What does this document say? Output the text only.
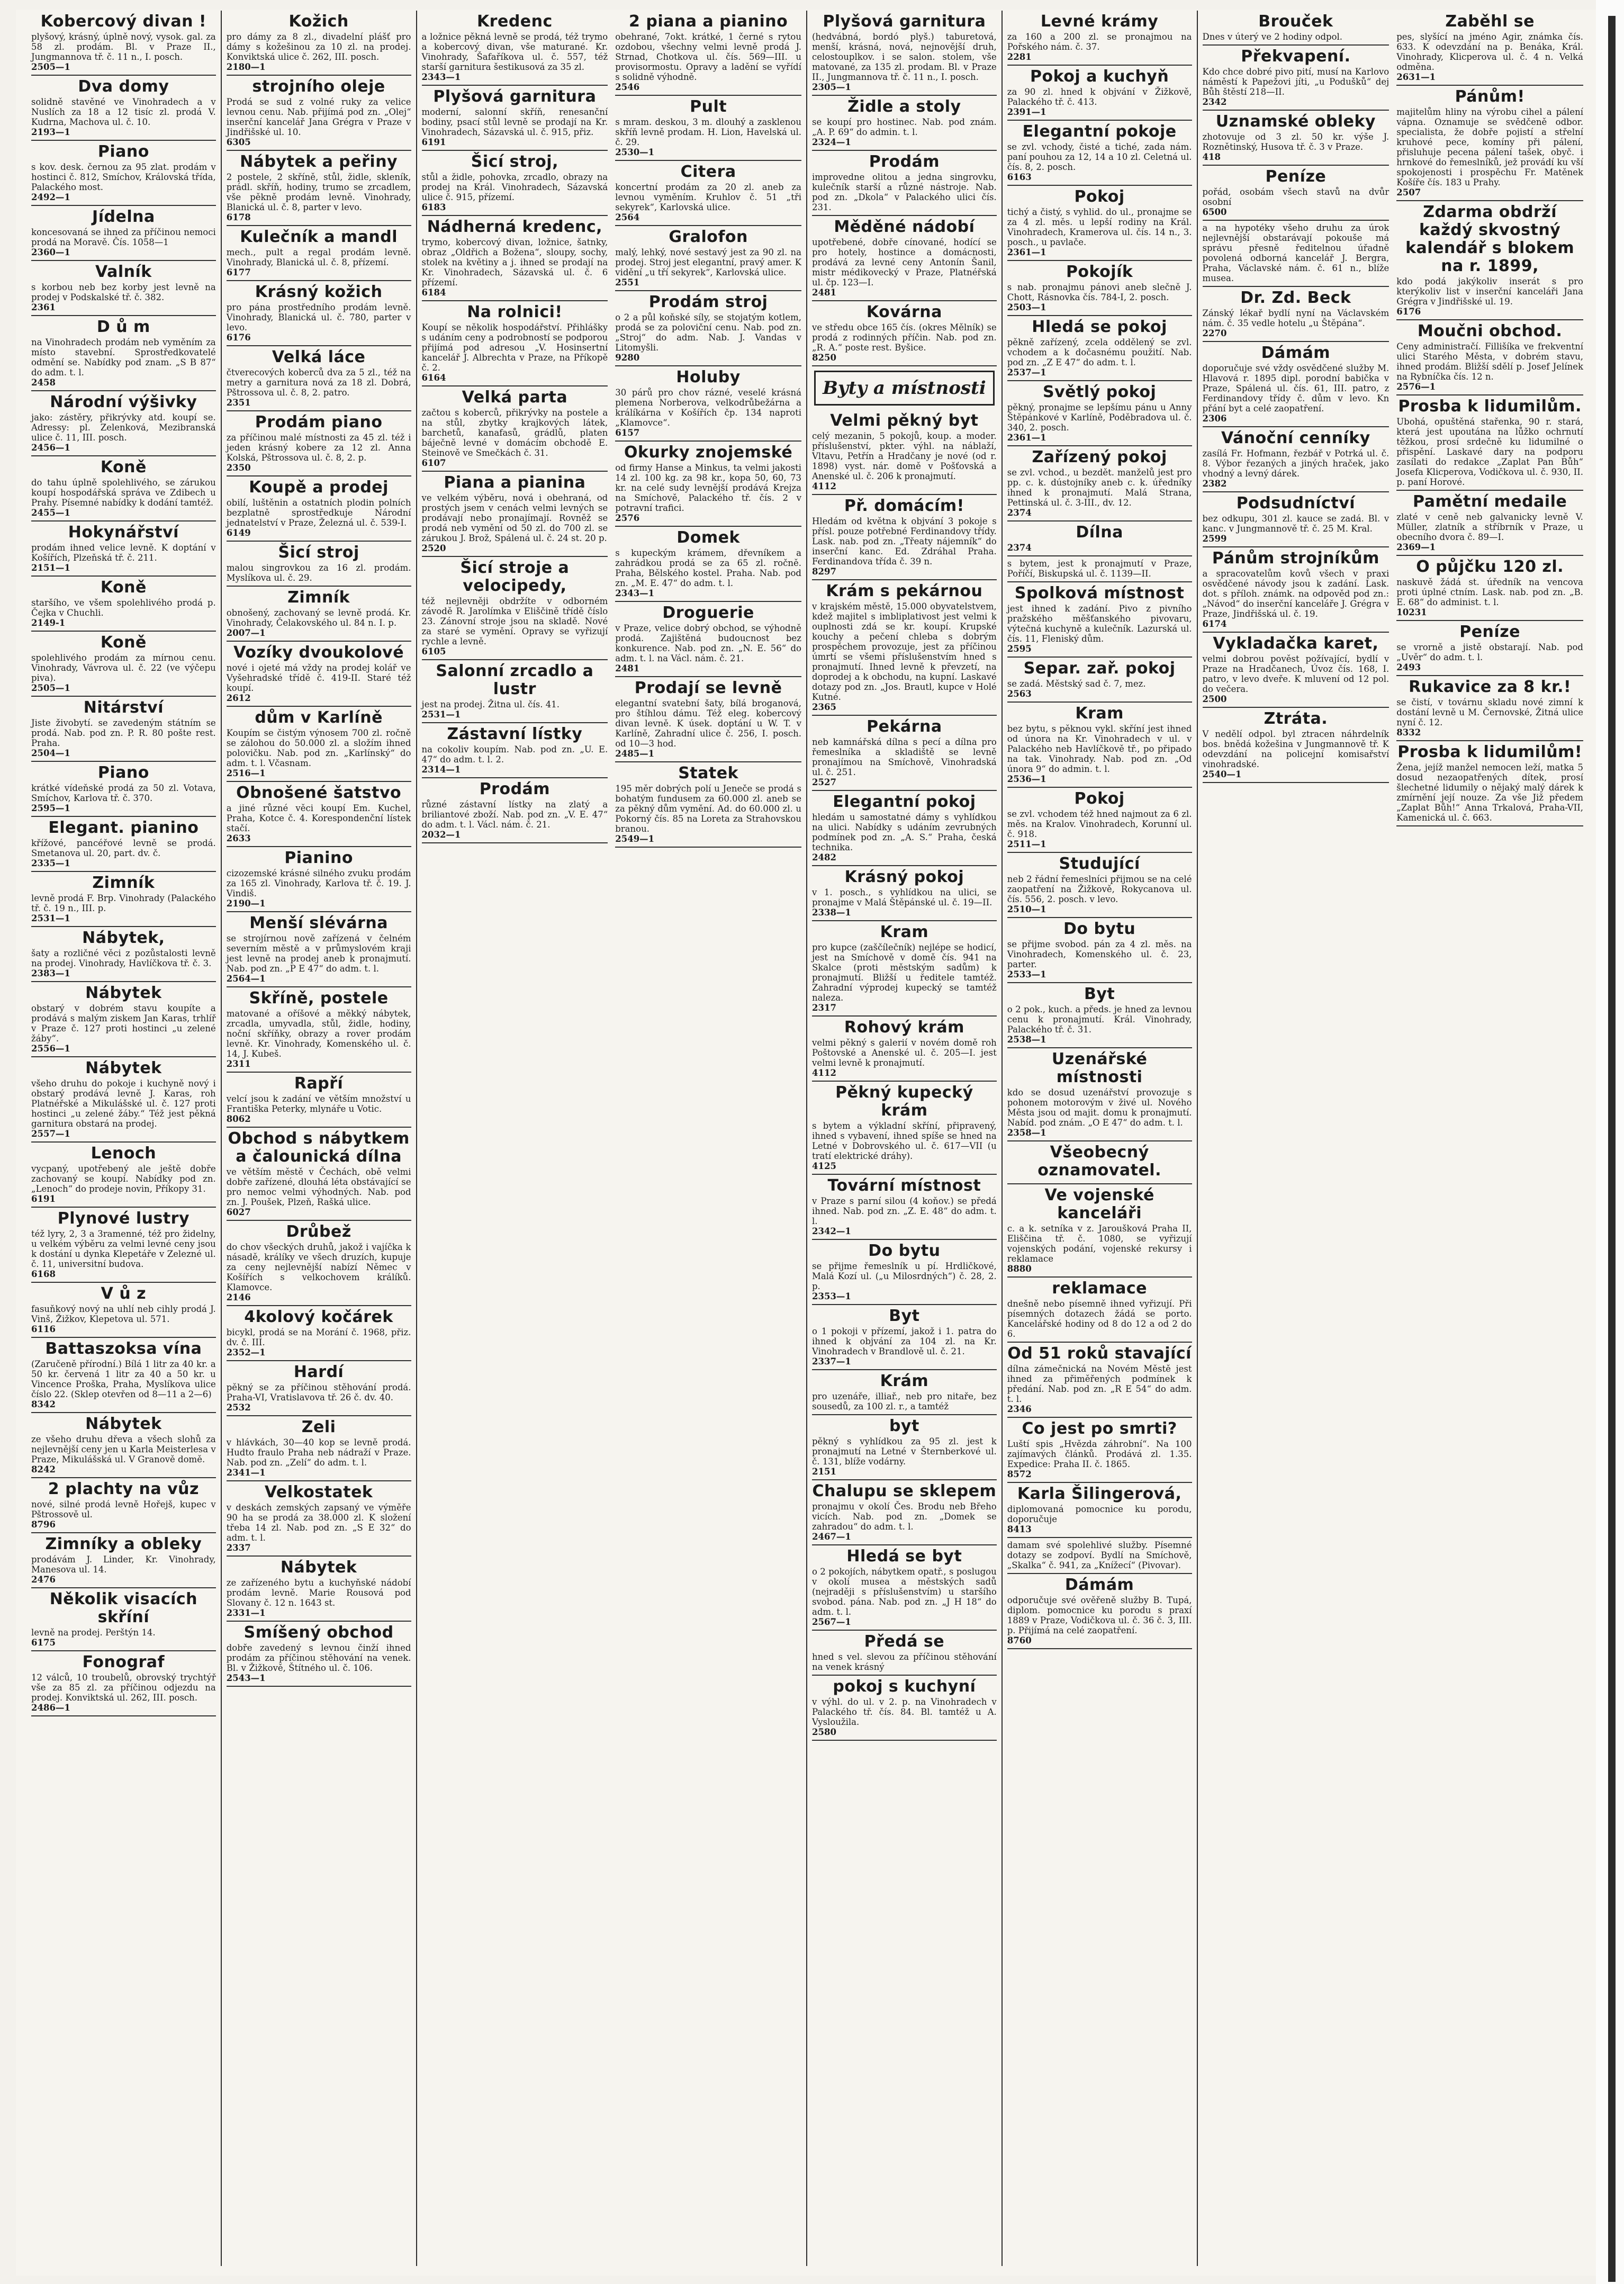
Kobercový divan !
plyšový, krásný, úplně nový, vysok. gal. za 58 zl. prodám. Bl. v Praze II., Jungmannova tř. č. 11 n., I. posch.
2505—1
Dva domy
solidně stavěné ve Vinohradech a v Nuslích za 18 a 12 tisíc zl. prodá V. Kudrna, Machova ul. č. 10.
2193—1
Piano
s kov. desk. černou za 95 zlat. prodám v hostinci č. 812, Smíchov, Královská třída, Palackého most.
2492—1
Jídelna
koncesovaná se ihned za příčinou nemoci prodá na Moravě. Čís. 1058—1
2360—1
Valník
s korbou neb bez korby jest levně na prodej v Podskalské tř. č. 382.
2361
D ů m
na Vinohradech prodám neb vyměním za místo stavební. Sprostředkovatelé odmění se. Nabídky pod znam. „S B 87“ do adm. t. l.
2458
Národní výšivky
jako: zástěry, přikrývky atd. koupí se. Adressy: pl. Zelenková, Mezibranská ulice č. 11, III. posch.
2456—1
Koně
do tahu úplně spolehlivého, se zárukou koupí hospodářská správa ve Zdibech u Prahy. Písemné nabídky k dodání tamtéž.
2455—1
Hokynářství
prodám ihned velice levně. K doptání v Košířích, Plzeňská tř. č. 211.
2151—1
Koně
staršího, ve všem spolehlivého prodá p. Čejka v Chuchli.
2149-1
Koně
spolehlivého prodám za mírnou cenu. Vinohrady, Vávrova ul. č. 22 (ve výčepu piva).
2505—1
Nitárství
Jiste živobytí. se zavedeným státním se prodá. Nab. pod zn. P. R. 80 pošte rest. Praha.
2504—1
Piano
krátké vídeňské prodá za 50 zl. Votava, Smíchov, Karlova tř. č. 370.
2595—1
Elegant. pianino
křížové, pancéřové levně se prodá. Smetanova ul. 20, part. dv. č.
2335—1
Zimník
levně prodá F. Brp. Vinohrady (Palackého tř. č. 19 n., III. p.
2531—1
Nábytek,
šaty a rozličné věci z pozůstalosti levně na prodej. Vinohrady, Havlíčkova tř. č. 3.
2383—1
Nábytek
obstarý v dobrém stavu koupíte a prodává s malým ziskem Jan Karas, trhlíř v Praze č. 127 proti hostinci „u zelené žáby“.
2556—1
Nábytek
všeho druhu do pokoje i kuchyně nový i obstarý prodává levně J. Karas, roh Platnéřské a Mikulášské ul. č. 127 proti hostinci „u zelené žáby.“ Též jest pěkná garnitura obstará na prodej.
2557—1
Lenoch
vycpaný, upotřebený ale ještě dobře zachovaný se koupí. Nabídky pod zn. „Lenoch“ do prodeje novin, Příkopy 31.
6191
Plynové lustry
též lyry, 2, 3 a 3ramenné, též pro židelny, u velkém výběru za velmi levné ceny jsou k dostání u dynka Klepetáře v Zelezné ul. č. 11, universitní budova.
6168
V ů z
fasuňkový nový na uhlí neb cihly prodá J. Vinš, Žižkov, Klepetova ul. 571.
6116
Battaszoksa vína
(Zaručeně přírodní.) Bílá 1 litr za 40 kr. a 50 kr. červená 1 litr za 40 a 50 kr. u Vincence Proška, Praha, Myslíkova ulice číslo 22. (Sklep otevřen od 8—11 a 2—6)
8342
Nábytek
ze všeho druhu dřeva a všech slohů za nejlevnější ceny jen u Karla Meisterlesa v Praze, Mikulášská ul. V Granově domě.
8242
2 plachty na vůz
nové, silné prodá levně Hořejš, kupec v Pštrossově ul.
8796
Zimníky a obleky
prodávám J. Linder, Kr. Vinohrady, Manesova ul. 14.
2476
Několik visacích skříní
levně na prodej. Perštýn 14.
6175
Fonograf
12 válců, 10 troubelů, obrovský trychtýř vše za 85 zl. za příčinou odjezdu na prodej. Konviktská ul. 262, III. posch.
2486—1
Kožich
pro dámy za 8 zl., divadelní plášť pro dámy s kožešinou za 10 zl. na prodej. Konviktská ulice č. 262, III. posch.
2180—1
strojního oleje
Prodá se sud z volné ruky za velice levnou cenu. Nab. přijímá pod zn. „Olej“ inserční kancelář Jana Grégra v Praze v Jindřišské ul. 10.
6305
Nábytek a peřiny
2 postele, 2 skříně, stůl, židle, skleník, prádl. skříň, hodiny, trumo se zrcadlem, vše pěkně prodám levně. Vinohrady, Blanická ul. č. 8, parter v levo.
6178
Kulečník a mandl
mech., pult a regal prodám levně. Vinohrady, Blanická ul. č. 8, přízemí.
6177
Krásný kožich
pro pána prostředního prodám levně. Vinohrady, Blanická ul. č. 780, parter v levo.
6176
Velká láce
čtverecových koberců dva za 5 zl., též na metry a garnitura nová za 18 zl. Dobrá, Pštrossova ul. č. 8, 2. patro.
2351
Prodám piano
za příčinou malé místnosti za 45 zl. též i jeden krásný kobere za 12 zl. Anna Kolská, Pštrossova ul. č. 8, 2. p.
2350
Koupě a prodej
obilí, luštěnin a ostatních plodin polních bezplatně sprostředkuje Národní jednatelství v Praze, Železná ul. č. 539-I.
6149
Šicí stroj
malou singrovkou za 16 zl. prodám. Myslíkova ul. č. 29.
Zimník
obnošený, zachovaný se levně prodá. Kr. Vinohrady, Čelakovského ul. 84 n. I. p.
2007—1
Vozíky dvoukolové
nové i ojeté má vždy na prodej kolář ve Vyšehradské třídě č. 419-II. Staré též koupí.
2612
dům v Karlíně
Koupím se čistým výnosem 700 zl. ročně se zálohou do 50.000 zl. a složím ihned polovičku. Nab. pod zn. „Karlínský“ do adm. t. l. Včasnam.
2516—1
Obnošené šatstvo
a jiné různé věci koupí Em. Kuchel, Praha, Kotce č. 4. Korespondenční lístek stačí.
2633
Pianino
cizozemské krásné silného zvuku prodám za 165 zl. Vinohrady, Karlova tř. č. 19. J. Vindiš.
2190—1
Menší slévárna
se strojírnou nově zařízená v čelném severním městě a v průmyslovém kraji jest levně na prodej aneb k pronajmutí. Nab. pod zn. „P E 47“ do adm. t. l.
2564—1
Skříně, postele
matované a oříšové a měkký nábytek, zrcadla, umyvadla, stůl, židle, hodiny, noční skříňky, obrazy a rover prodám levně. Kr. Vinohrady, Komenského ul. č. 14, J. Kubeš.
2311
Rapří
velcí jsou k zadání ve větším množství u Františka Peterky, mlynáře u Votic.
8062
Obchod s nábytkem a čalounická dílna
ve větším městě v Čechách, obě velmi dobře zařízené, dlouhá léta obstávající se pro nemoc velmi výhodných. Nab. pod zn. J. Poušek, Plzeň, Rašká ulice.
6027
Drůbež
do chov všeckých druhů, jakož i vajíčka k násadě, králíky ve všech druzích, kupuje za ceny nejlevnější nabízí Němec v Košířích s velkochovem králíků. Klamovce.
2146
4kolový kočárek
bicykl, prodá se na Morání č. 1968, přiz. dv. č. III.
2352—1
Hardí
pěkný se za příčinou stěhování prodá. Praha-VI, Vratislavova tř. 26 č. dv. 40.
2532
Zeli
v hlávkách, 30—40 kop se levně prodá. Hudto fraulo Praha neb nádraží v Praze. Nab. pod zn. „Zelí“ do adm. t. l.
2341—1
Velkostatek
v deskách zemských zapsaný ve výměře 90 ha se prodá za 38.000 zl. K složení třeba 14 zl. Nab. pod zn. „S E 32“ do adm. t. l.
2337
Nábytek
ze zařízeného bytu a kuchyňské nádobí prodám levně. Marie Rousová pod Slovany č. 12 n. 1643 st.
2331—1
Smíšený obchod
dobře zavedený s levnou činží ihned prodám za příčinou stěhování na venek. Bl. v Žižkově, Štítného ul. č. 106.
2543—1
Kredenc
a ložnice pěkná levně se prodá, též trymo a kobercový divan, vše maturané. Kr. Vinohrady, Šafaříkova ul. č. 557, též starší garnitura šestikusová za 35 zl.
2343—1
Plyšová garnitura
moderní, salonní skříň, renesanční bodiny, psací stůl levně se prodají na Kr. Vinohradech, Sázavská ul. č. 915, přiz.
6191
Šicí stroj,
stůl a židle, pohovka, zrcadlo, obrazy na prodej na Král. Vinohradech, Sázavská ulice č. 915, přízemí.
6183
Nádherná kredenc,
trymo, kobercový divan, ložnice, šatnky, obraz „Oldřich a Božena“, sloupy, sochy, stolek na květiny a j. ihned se prodají na Kr. Vinohradech, Sázavská ul. č. 6 přízemí.
6184
Na rolnici!
Koupí se několik hospodářství. Přihlášky s udáním ceny a podrobností se podporou přijímá pod adresou „V. Hosinsertní kancelář J. Albrechta v Praze, na Příkopě č. 2.
6164
Velká parta
začtou s koberců, přikrývky na postele a na stůl, zbytky krajkových látek, barchetů, kanafasů, grádlů, platen báječně levné v domácím obchodě E. Steinově ve Smečkách č. 31.
6107
Piana a pianina
ve velkém výběru, nová i obehraná, od prostých jsem v cenách velmi levných se prodávají nebo pronajímají. Rovněž se prodá neb vymění od 50 zl. do 700 zl. se zárukou J. Brož, Spálená ul. č. 24 st. 20 p.
2520
Šicí stroje a velocipedy,
též nejlevněji obdržíte v odborném závodě R. Jarolímka v Eliščině třídě číslo 23. Zánovní stroje jsou na skladě. Nové za staré se vymění. Opravy se vyřizují rychle a levně.
6105
Salonní zrcadlo a lustr
jest na prodej. Žitna ul. čís. 41.
2531—1
Zástavní lístky
na cokoliv koupím. Nab. pod zn. „U. E. 47“ do adm. t. l. 2.
2314—1
Prodám
různé zástavní lístky na zlatý a briliantové zboží. Nab. pod zn. „V. E. 47“ do adm. t. l. Václ. nám. č. 21.
2032—1
2 piana a pianino
obehrané, 7okt. krátké, 1 černé s rytou ozdobou, všechny velmi levně prodá J. Strnad, Chotkova ul. čís. 569—III. u provisormostu. Opravy a ladění se vyřídí s solidně výhodně.
2546
Pult
s mram. deskou, 3 m. dlouhý a zasklenou skříň levně prodam. H. Lion, Havelská ul. č. 29.
2530—1
Citera
koncertní prodám za 20 zl. aneb za levnou vyměním. Kruhlov č. 51 „tři sekyrek“, Karlovská ulice.
2564
Gralofon
malý, lehký, nové sestavý jest za 90 zl. na prodej. Stroj jest elegantní, pravý amer. K vidění „u tří sekyrek“, Karlovská ulice.
2551
Prodám stroj
o 2 a půl koňské síly, se stojatým kotlem, prodá se za poloviční cenu. Nab. pod zn. „Stroj“ do adm. Nab. J. Vandas v Litomyšli.
9280
Holuby
30 párů pro chov rázné, veselé krásná plemena Norberova, velkodrůbežárna a králíkárna v Košířích čp. 134 naproti „Klamovce“.
6157
Okurky znojemské
od firmy Hanse a Minkus, ta velmi jakosti 14 zl. 100 kg. za 98 kr., kopa 50, 60, 73 kr. na celé sudy levnější prodává Krejza na Smíchově, Palackého tř. čís. 2 v potravní trafici.
2576
Domek
s kupeckým krámem, dřevníkem a zahrádkou prodá se za 65 zl. ročně. Praha, Bělského kostel. Praha. Nab. pod zn. „M. E. 47“ do adm. t. l.
2343—1
Droguerie
v Praze, velice dobrý obchod, se výhodně prodá. Zajištěná budoucnost bez konkurence. Nab. pod zn. „N. E. 56“ do adm. t. l. na Václ. nám. č. 21.
2481
Prodají se levně
elegantní svatební šaty, bílá broganová, pro štíhlou dámu. Též eleg. kobercový divan levně. K úsek. doptání u W. T. v Karlíně, Zahradní ulice č. 256, I. posch. od 10—3 hod.
2485—1
Statek
195 měr dobrých polí u Jeneče se prodá s bohatým fundusem za 60.000 zl. aneb se za pěkný dům vymění. Ad. do 60.000 zl. u Pokorný čís. 85 na Loreta za Strahovskou branou.
2549—1
Plyšová garnitura
(hedvábná, bordó plyš.) taburetová, menší, krásná, nová, nejnovější druh, celostouplkov. i se salon. stolem, vše matované, za 135 zl. prodam. Bl. v Praze II., Jungmannova tř. č. 11 n., I. posch.
2305—1
Židle a stoly
se koupí pro hostinec. Nab. pod znám. „A. P. 69“ do admin. t. l.
2324—1
Prodám
improvedne olitou a jedna singrovku, kulečník starší a různé nástroje. Nab. pod zn. „Dkola“ v Palackého ulici čís. 231.
Měděné nádobí
upotřebené, dobře cínované, hodící se pro hotely, hostince a domácnosti, prodává za levné ceny Antonín Šanil, mistr médikovecký v Praze, Platnéřská ul. čp. 123—I.
2481
Kovárna
ve středu obce 165 čís. (okres Mělník) se prodá z rodinných příčin. Nab. pod zn. „R. A.“ poste rest. Byšice.
8250
Byty a místnosti
Velmi pěkný byt
celý mezanin, 5 pokojů, koup. a moder. příslušenství, pkter. výhl. na náblaží, Vltavu, Petřín a Hradčany je nové (od r. 1898) vyst. nár. domě v Pošťovská a Anenské ul. č. 206 k pronajmutí.
4112
Př. domácím!
Hledám od května k objvání 3 pokoje s přísl. pouze potřebné Ferdinandovy třídy. Lask. nab. pod zn. „Třeaty nájemník“ do inserční kanc. Ed. Zdráhal Praha. Ferdinandova třída č. 39 n.
8297
Krám s pekárnou
v krajském městě, 15.000 obyvatelstvem, kdež majitel s imbliplativost jest velmi k ouplnosti zdá se kr. koupí. Krupské kouchy a pečení chleba s dobrým prospěchem provozuje, jest za příčinou úmrtí se všemi příslušenstvím hned s pronajmutí. Ihned levně k převzetí, na doprodej a k obchodu, na kupní. Laskavé dotazy pod zn. „Jos. Brautl, kupce v Holé Kutné.
2365
Pekárna
neb kamnářská dílna s pecí a dílna pro řemeslníka a skladiště se levně pronajímou na Smíchově, Vinohradská ul. č. 251.
2527
Elegantní pokoj
hledám u samostatné dámy s vyhlídkou na ulici. Nabídky s udáním zevrubných podmínek pod zn. „A. S.“ Praha, česká technika.
2482
Krásný pokoj
v 1. posch., s vyhlídkou na ulici, se pronajme v Malá Štěpánské ul. č. 19—II.
2338—1
Kram
pro kupce (zaščílečník) nejlépe se hodicí, jest na Smíchově v domě čís. 941 na Skalce (proti městským sadům) k pronajmutí. Bližší u ředitele tamtéž. Zahradní výprodej kupecký se tamtéž naleza.
2317
Rohový krám
velmi pěkný s galerií v novém domě roh Poštovské a Anenské ul. č. 205—I. jest velmi levně k pronajmutí.
4112
Pěkný kupecký krám
s bytem a výkladní skříní, připravený, ihned s vybavení, ihned spíše se hned na Letné v Dobrovského ul. č. 617—VII (u tratí elektrické dráhy).
4125
Tovární místnost
v Praze s parní silou (4 koňov.) se předá ihned. Nab. pod zn. „Z. E. 48“ do adm. t. l.
2342—1
Do bytu
se přijme řemeslník u pí. Hrdličkové, Malá Kozí ul. („u Milosrdných“) č. 28, 2. p.
2353—1
Byt
o 1 pokoji v přízemí, jakož i 1. patra do ihned k objvání za 104 zl. na Kr. Vinohradech v Brandlově ul. č. 21.
2337—1
Krám
pro uzenáře, illiař., neb pro nitaře, bez sousedů, za 100 zl. r., a tamtéž
byt
pěkný s vyhlídkou za 95 zl. jest k pronajmutí na Letné v Šternberkové ul. č. 131, blíže vodárny.
2151
Chalupu se sklepem
pronajmu v okolí Čes. Brodu neb Břeho vicích. Nab. pod zn. „Domek se zahradou“ do adm. t. l.
2467—1
Hledá se byt
o 2 pokojích, nábytkem opatř., s poslugou v okolí musea a městských sadů (nejraději s příslušenstvím) u staršího svobod. pána. Nab. pod zn. „J H 18“ do adm. t. l.
2567—1
Předá se
hned s vel. slevou za příčinou stěhování na venek krásný
pokoj s kuchyní
v výhl. do ul. v 2. p. na Vinohradech v Palackého tř. čís. 84. Bl. tamtéž u A. Vysloužila.
2580
Levné krámy
za 160 a 200 zl. se pronajmou na Pořského nám. č. 37.
2281
Pokoj a kuchyň
za 90 zl. hned k objvání v Žižkově, Palackého tř. č. 413.
2391—1
Elegantní pokoje
se zvl. vchody, čisté a tiché, zada nám. paní pouhou za 12, 14 a 10 zl. Celetná ul. čís. 8, 2. posch.
6163
Pokoj
tichý a čistý, s vyhlid. do ul., pronajme se za 4 zl. měs. u lepší rodiny na Král. Vinohradech, Kramerova ul. čís. 14 n., 3. posch., u pavlače.
2361—1
Pokojík
s nab. pronajmu pánovi aneb slečně J. Chott, Rásnovka čís. 784-I, 2. posch.
2503—1
Hledá se pokoj
pěkně zařízený, zcela oddělený se zvl. vchodem a k dočasnému použití. Nab. pod zn. „Z E 47“ do adm. t. l.
2537—1
Světlý pokoj
pěkný, pronajme se lepšímu pánu u Anny Štěpánkové v Karlíně, Poděbradova ul. č. 340, 2. posch.
2361—1
Zařízený pokoj
se zvl. vchod., u bezdět. manželů jest pro pp. c. k. dústojníky aneb c. k. úředníky ihned k pronajmutí. Malá Strana, Pettinská ul. č. 3-III., dv. 12.
2374
Dílna
2374
s bytem, jest k pronajmutí v Praze, Poříčí, Biskupská ul. č. 1139—II.
Spolková místnost
jest ihned k zadání. Pivo z pivního pražského měšťanského pivovaru, výtečná kuchyně a kulečník. Lazurská ul. čís. 11, Fleniský dům.
2595
Separ. zař. pokoj
se zadá. Městský sad č. 7, mez.
2563
Kram
bez bytu, s pěknou vykl. skříní jest ihned od února na Kr. Vinohradech v ul. v Palackého neb Havlíčkově tř., po připado na tak. Vinohrady. Nab. pod zn. „Od února 9“ do admin. t. l.
2536—1
Pokoj
se zvl. vchodem též hned najmout za 6 zl. měs. na Kralov. Vinohradech, Korunní ul. č. 918.
2511—1
Studující
neb 2 řádní řemeslníci přijmou se na celé zaopatření na Žižkově, Rokycanova ul. čís. 556, 2. posch. v levo.
2510—1
Do bytu
se přijme svobod. pán za 4 zl. měs. na Vinohradech, Komenského ul. č. 23, parter.
2533—1
Byt
o 2 pok., kuch. a předs. je hned za levnou cenu k pronajmutí. Král. Vinohrady, Palackého tř. č. 31.
2538—1
Uzenářské místnosti
kdo se dosud uzenářství provozuje s pohonem motorovým v živé ul. Nového Města jsou od majit. domu k pronajmutí. Nabíd. pod znám. „O E 47“ do adm. t. l.
2358—1
Všeobecný oznamovatel.
Ve vojenské kanceláři
c. a k. setníka v z. Jaroušková Praha II, Eliščina tř. č. 1080, se vyřizují vojenských podání, vojenské rekursy i reklamace
8880
reklamace
dnešně nebo písemně ihned vyřizují. Při písemných dotazech žádá se porto. Kancelářské hodiny od 8 do 12 a od 2 do 6.
Od 51 roků stavající
dílna zámečnická na Novém Městě jest ihned za přiměřených podmínek k předání. Nab. pod zn. „R E 54“ do adm. t. l.
2346
Co jest po smrti?
Luští spis „Hvězda záhrobní“. Na 100 zajímavých článků. Prodává zl. 1.35. Expedice: Praha II. č. 1865.
8572
Karla Šilingerová,
diplomovaná pomocnice ku porodu, doporučuje
8413
damam své spolehlivé služby. Písemné dotazy se zodpoví. Bydlí na Smíchově, „Skalka“ č. 941, za „Knížecí“ (Pivovar).
Dámám
odporučuje své ověřeně služby B. Tupá, diplom. pomocnice ku porodu s praxí 1889 v Praze, Vodičkova ul. č. 36 č. 3, III. p. Přijímá na celé zaopatření.
8760
Brouček
Dnes v úterý ve 2 hodiny odpol.
Překvapení.
Kdo chce dobré pivo pití, musí na Karlovo náměstí k Papežovi jíti, „u Podušků“ dej Bůh štěstí 218—II.
2342
Uznamské obleky
zhotovuje od 3 zl. 50 kr. výše J. Roznětinský, Husova tř. č. 3 v Praze.
418
Peníze
pořád, osobám všech stavů na dvůr osobní
6500
a na hypotéky všeho druhu za úrok nejlevnější obstarávají pokouše má správu přesně ředitelnou úřadně povolená odborná kancelář J. Bergra, Praha, Václavské nám. č. 61 n., blíže musea.
Dr. Zd. Beck
Zánský lékař bydlí nyní na Václavském nám. č. 35 vedle hotelu „u Štěpána“.
2270
Dámám
doporučuje své vždy osvědčené služby M. Hlavová r. 1895 dipl. porodní babička v Praze, Spálená ul. čís. 61, III. patro, z Ferdinandovy třídy č. dům v levo. Kn přání byt a celé zaopatření.
2306
Vánoční cenníky
zasílá Fr. Hofmann, řezbář v Potrká ul. č. 8. Výbor řezaných a jiných hraček, jako vhodný a levný dárek.
2382
Podsudníctví
bez odkupu, 301 zl. kauce se zadá. Bl. v kanc. v Jungmannově tř. č. 25 M. Kral.
2599
Pánům strojníkům
a spracovatelům kovů všech v praxi osvědčené návody jsou k zadání. Lask. dot. s příloh. známk. na odpověd pod zn.: „Návod“ do inserční kanceláře J. Grégra v Praze, Jindřišská ul. č. 19.
6174
Vykladačka karet,
velmi dobrou pověst požívající, bydlí v Praze na Hradčanech, Úvoz čís. 168, I. patro, v levo dveře. K mluvení od 12 pol. do večera.
2500
Ztráta.
V nedělí odpol. byl ztracen náhrdelník bos. bnědá kožešina v Jungmannově tř. K odevzdání na policejní komisařství vinohradské.
2540—1
Zaběhl se
pes, slyšící na jméno Agir, známka čís. 633. K odevzdání na p. Benáka, Král. Vinohrady, Klicperova ul. č. 4 n. Velká odměna.
2631—1
Pánům!
majitelům hliny na výrobu cihel a pálení vápna. Oznamuje se svědčeně odbor. specialista, že dobře pojistí a střelní kruhové pece, komíny při pálení, přisluhuje pecena pálení tašek, obyč. i hrnkové do řemeslníků, jež provádí ku vší spokojenosti i prospěchu Fr. Matěnek Košíře čís. 183 u Prahy.
2507
Zdarma obdrží každý skvostný kalendář s blokem na r. 1899,
kdo podá jakýkoliv inserát s pro kterýkoliv list v inserční kanceláři Jana Grégra v Jindřišské ul. 19.
6176
Moučni obchod.
Ceny administračí. Fillišíka ve frekventní ulici Starého Města, v dobrém stavu, ihned prodám. Bližší sdělí p. Josef Jelínek na Rybníčka čís. 12 n.
2576—1
Prosba k lidumilům.
Ubohá, opuštěná stařenka, 90 r. stará, která jest upoutána na lůžko ochrnutí těžkou, prosí srdečně ku lidumilné o přispění. Laskavé dary na podporu zasílati do redakce „Zaplat Pan Bůh“ Josefa Klicperova, Vodičkova ul. č. 930, II. p. paní Horové.
Pamětní medaile
zlaté v ceně neb galvanicky levně V. Müller, zlatník a stříbrník v Praze, u obecního dvora č. 89—I.
2369—1
O půjčku 120 zl.
naskuvě žádá st. úředník na vencova proti úplné ctním. Lask. nab. pod zn. „B. E. 68“ do administ. t. l.
10231
Peníze
se vrorně a jistě obstarají. Nab. pod „Uvěr“ do adm. t. l.
2493
Rukavice za 8 kr.!
se čistí, v továrnu skladu nové zimní k dostání levně u M. Černovské, Žitná ulice nyní č. 12.
8332
Prosba k lidumilům!
Žena, jejíž manžel nemocen leží, matka 5 dosud nezaopatřených dítek, prosí šlechetné lidumily o nějaký malý dárek k zmírnění její nouze. Za vše Již předem „Zaplat Bůh!“ Anna Trkalová, Praha-VII, Kamenická ul. č. 663.
